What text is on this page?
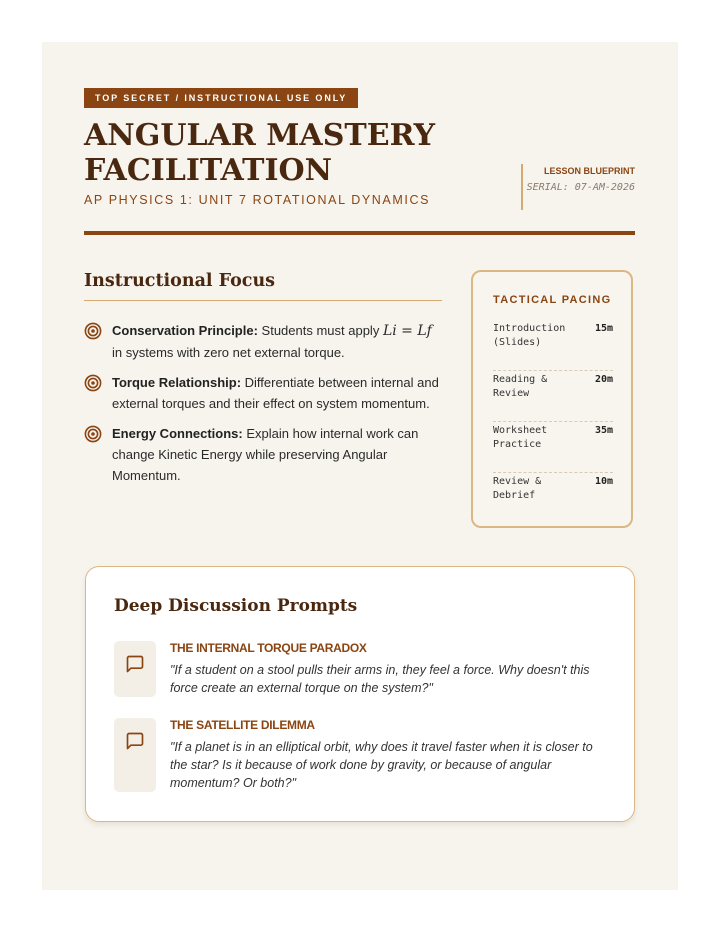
TOP SECRET / INSTRUCTIONAL USE ONLY
ANGULAR MASTERY FACILITATION
AP PHYSICS 1: UNIT 7 ROTATIONAL DYNAMICS
LESSON BLUEPRINT
SERIAL: 07-AM-2026
Instructional Focus
Conservation Principle: Students must apply Li = Lf in systems with zero net external torque.
Torque Relationship: Differentiate between internal and external torques and their effect on system momentum.
Energy Connections: Explain how internal work can change Kinetic Energy while preserving Angular Momentum.
TACTICAL PACING
Introduction (Slides)
15m
Reading & Review
20m
Worksheet Practice
35m
Review & Debrief
10m
Deep Discussion Prompts
THE INTERNAL TORQUE PARADOX
"If a student on a stool pulls their arms in, they feel a force. Why doesn't this force create an external torque on the system?"
THE SATELLITE DILEMMA
"If a planet is in an elliptical orbit, why does it travel faster when it is closer to the star? Is it because of work done by gravity, or because of angular momentum? Or both?"
